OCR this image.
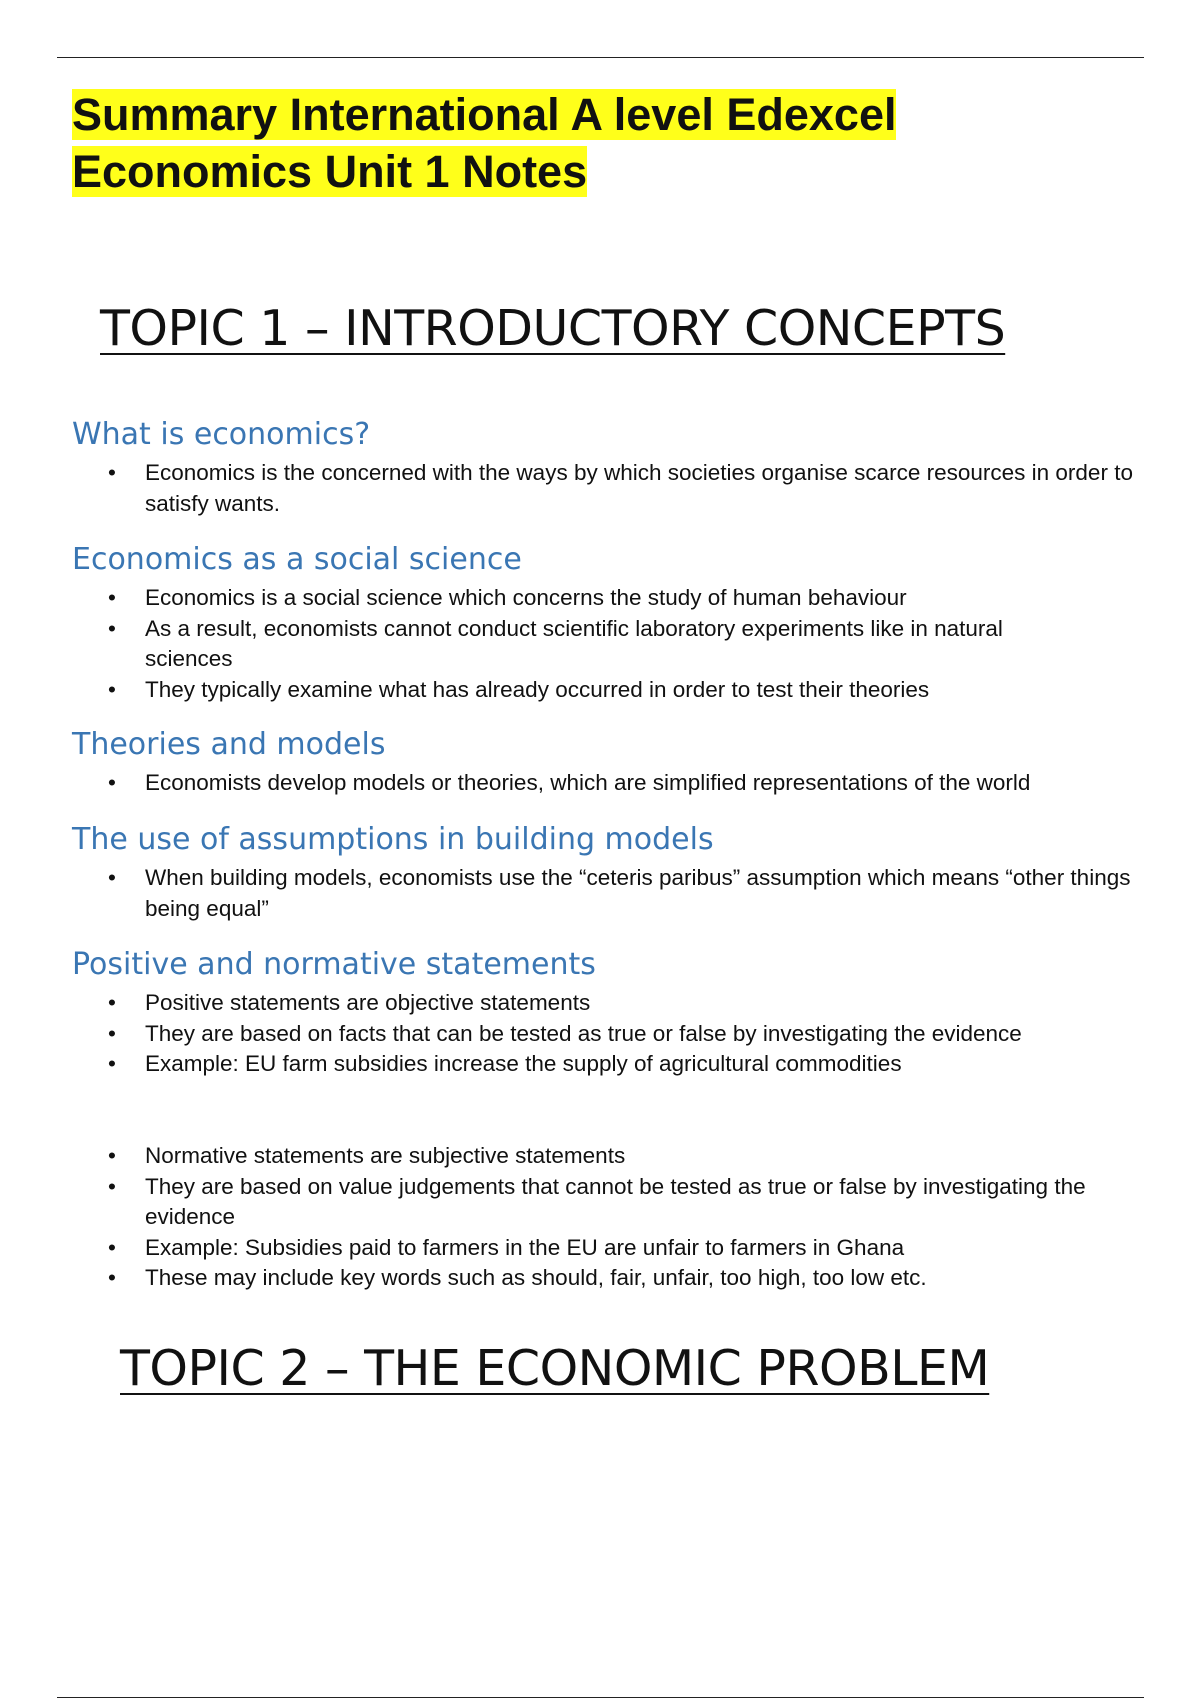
Summary International A level Edexcel
Economics Unit 1 Notes
TOPIC 1 – INTRODUCTORY CONCEPTS
What is economics?
• Economics is the concerned with the ways by which societies organise scarce resources in order to satisfy wants.
Economics as a social science
• Economics is a social science which concerns the study of human behaviour
• As a result, economists cannot conduct scientific laboratory experiments like in natural sciences
• They typically examine what has already occurred in order to test their theories
Theories and models
• Economists develop models or theories, which are simplified representations of the world
The use of assumptions in building models
• When building models, economists use the “ceteris paribus” assumption which means “other things being equal”
Positive and normative statements
• Positive statements are objective statements
• They are based on facts that can be tested as true or false by investigating the evidence
• Example: EU farm subsidies increase the supply of agricultural commodities
• Normative statements are subjective statements
• They are based on value judgements that cannot be tested as true or false by investigating the evidence
• Example: Subsidies paid to farmers in the EU are unfair to farmers in Ghana
• These may include key words such as should, fair, unfair, too high, too low etc.
TOPIC 2 – THE ECONOMIC PROBLEM
